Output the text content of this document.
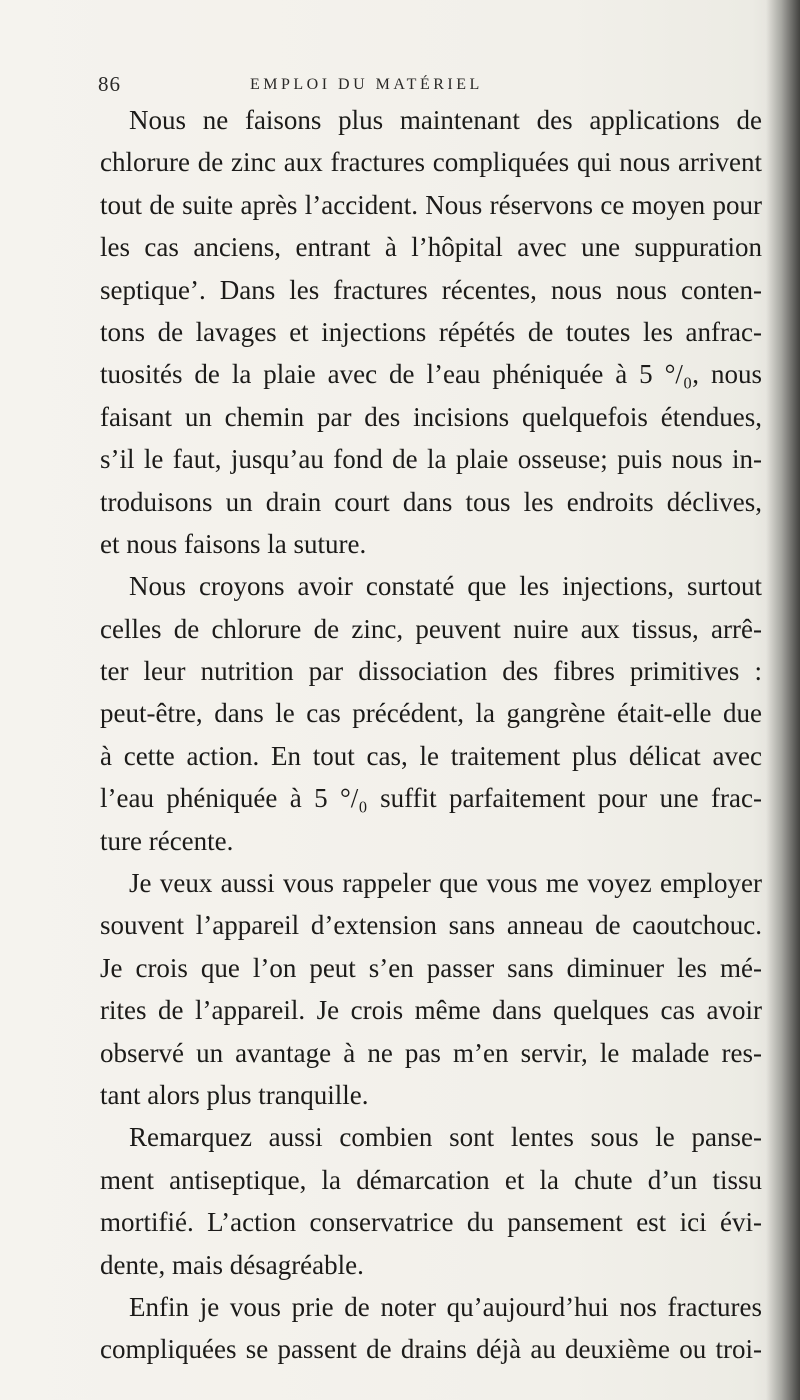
86	EMPLOI DU MATÉRIEL
Nous ne faisons plus maintenant des applications de
chlorure de zinc aux fractures compliquées qui nous arrivent
tout de suite après l’accident. Nous réservons ce moyen pour
les cas anciens, entrant à l’hôpital avec une suppuration
septique’. Dans les fractures récentes, nous nous conten-
tons de lavages et injections répétés de toutes les anfrac-
tuosités de la plaie avec de l’eau phéniquée à 5 °/₀, nous
faisant un chemin par des incisions quelquefois étendues,
s’il le faut, jusqu’au fond de la plaie osseuse; puis nous in-
troduisons un drain court dans tous les endroits déclives,
et nous faisons la suture.
Nous croyons avoir constaté que les injections, surtout
celles de chlorure de zinc, peuvent nuire aux tissus, arrê-
ter leur nutrition par dissociation des fibres primitives :
peut-être, dans le cas précédent, la gangrène était-elle due
à cette action. En tout cas, le traitement plus délicat avec
l’eau phéniquée à 5 °/₀ suffit parfaitement pour une frac-
ture récente.
Je veux aussi vous rappeler que vous me voyez employer
souvent l’appareil d’extension sans anneau de caoutchouc.
Je crois que l’on peut s’en passer sans diminuer les mé-
rites de l’appareil. Je crois même dans quelques cas avoir
observé un avantage à ne pas m’en servir, le malade res-
tant alors plus tranquille.
Remarquez aussi combien sont lentes sous le panse-
ment antiseptique, la démarcation et la chute d’un tissu
mortifié. L’action conservatrice du pansement est ici évi-
dente, mais désagréable.
Enfin je vous prie de noter qu’aujourd’hui nos fractures
compliquées se passent de drains déjà au deuxième ou troi-
